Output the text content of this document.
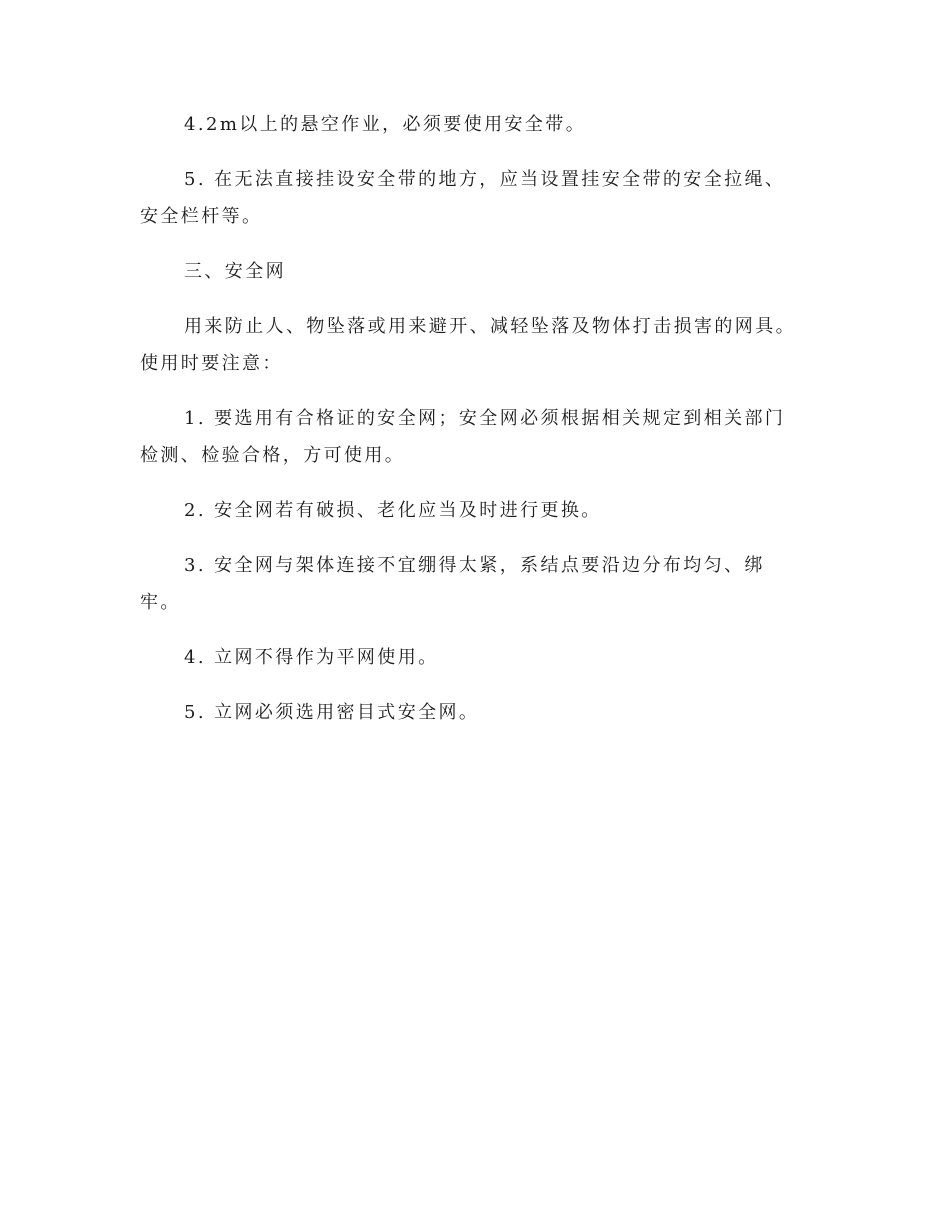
4.2m以上的悬空作业，必须要使用安全带。

5. 在无法直接挂设安全带的地方，应当设置挂安全带的安全拉绳、安全栏杆等。

三、安全网

用来防止人、物坠落或用来避开、减轻坠落及物体打击损害的网具。使用时要注意：

1. 要选用有合格证的安全网；安全网必须根据相关规定到相关部门检测、检验合格，方可使用。

2. 安全网若有破损、老化应当及时进行更换。

3. 安全网与架体连接不宜绷得太紧，系结点要沿边分布均匀、绑牢。

4. 立网不得作为平网使用。

5. 立网必须选用密目式安全网。
